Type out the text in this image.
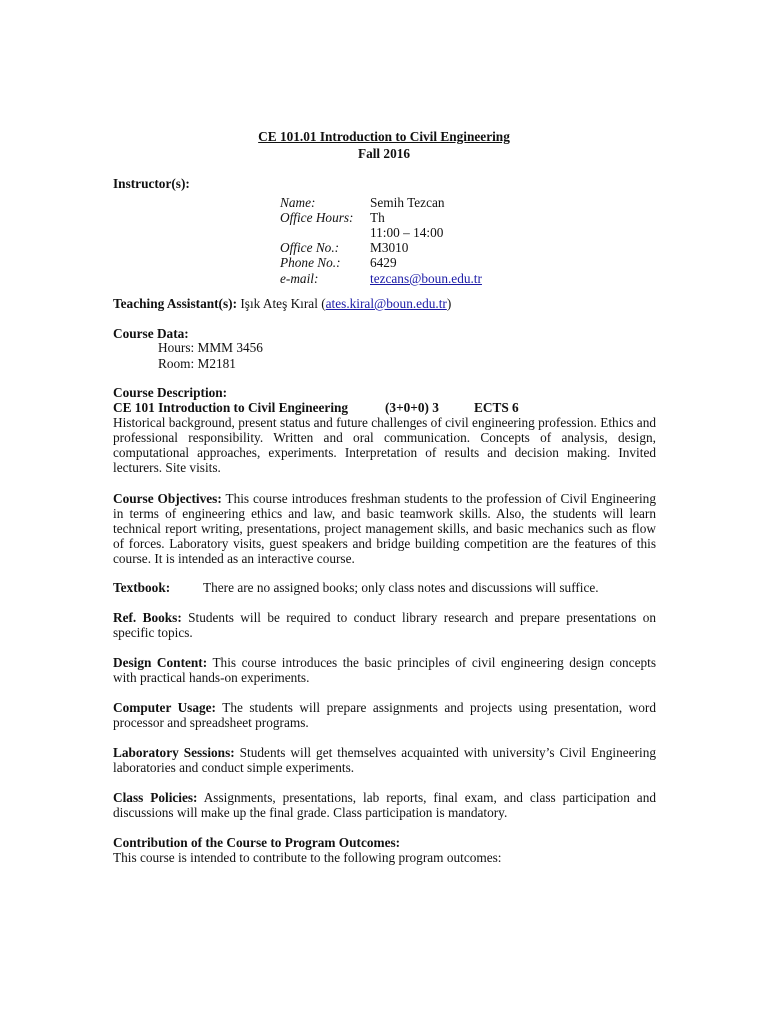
CE 101.01 Introduction to Civil Engineering
Fall 2016
Instructor(s):
Name:	Semih Tezcan
Office Hours: Th
11:00 – 14:00
Office No.: M3010
Phone No.: 6429
e-mail:	tezcans@boun.edu.tr
Teaching Assistant(s): Işık Ateş Kıral (ates.kiral@boun.edu.tr)
Course Data:
Hours: MMM 3456
Room: M2181
Course Description:
CE 101 Introduction to Civil Engineering	(3+0+0) 3	ECTS 6
Historical background, present status and future challenges of civil engineering profession. Ethics and professional responsibility. Written and oral communication. Concepts of analysis, design, computational approaches, experiments. Interpretation of results and decision making. Invited lecturers. Site visits.
Course Objectives: This course introduces freshman students to the profession of Civil Engineering in terms of engineering ethics and law, and basic teamwork skills. Also, the students will learn technical report writing, presentations, project management skills, and basic mechanics such as flow of forces. Laboratory visits, guest speakers and bridge building competition are the features of this course. It is intended as an interactive course.
Textbook: There are no assigned books; only class notes and discussions will suffice.
Ref. Books: Students will be required to conduct library research and prepare presentations on specific topics.
Design Content: This course introduces the basic principles of civil engineering design concepts with practical hands-on experiments.
Computer Usage: The students will prepare assignments and projects using presentation, word processor and spreadsheet programs.
Laboratory Sessions: Students will get themselves acquainted with university’s Civil Engineering laboratories and conduct simple experiments.
Class Policies: Assignments, presentations, lab reports, final exam, and class participation and discussions will make up the final grade. Class participation is mandatory.
Contribution of the Course to Program Outcomes:
This course is intended to contribute to the following program outcomes:
